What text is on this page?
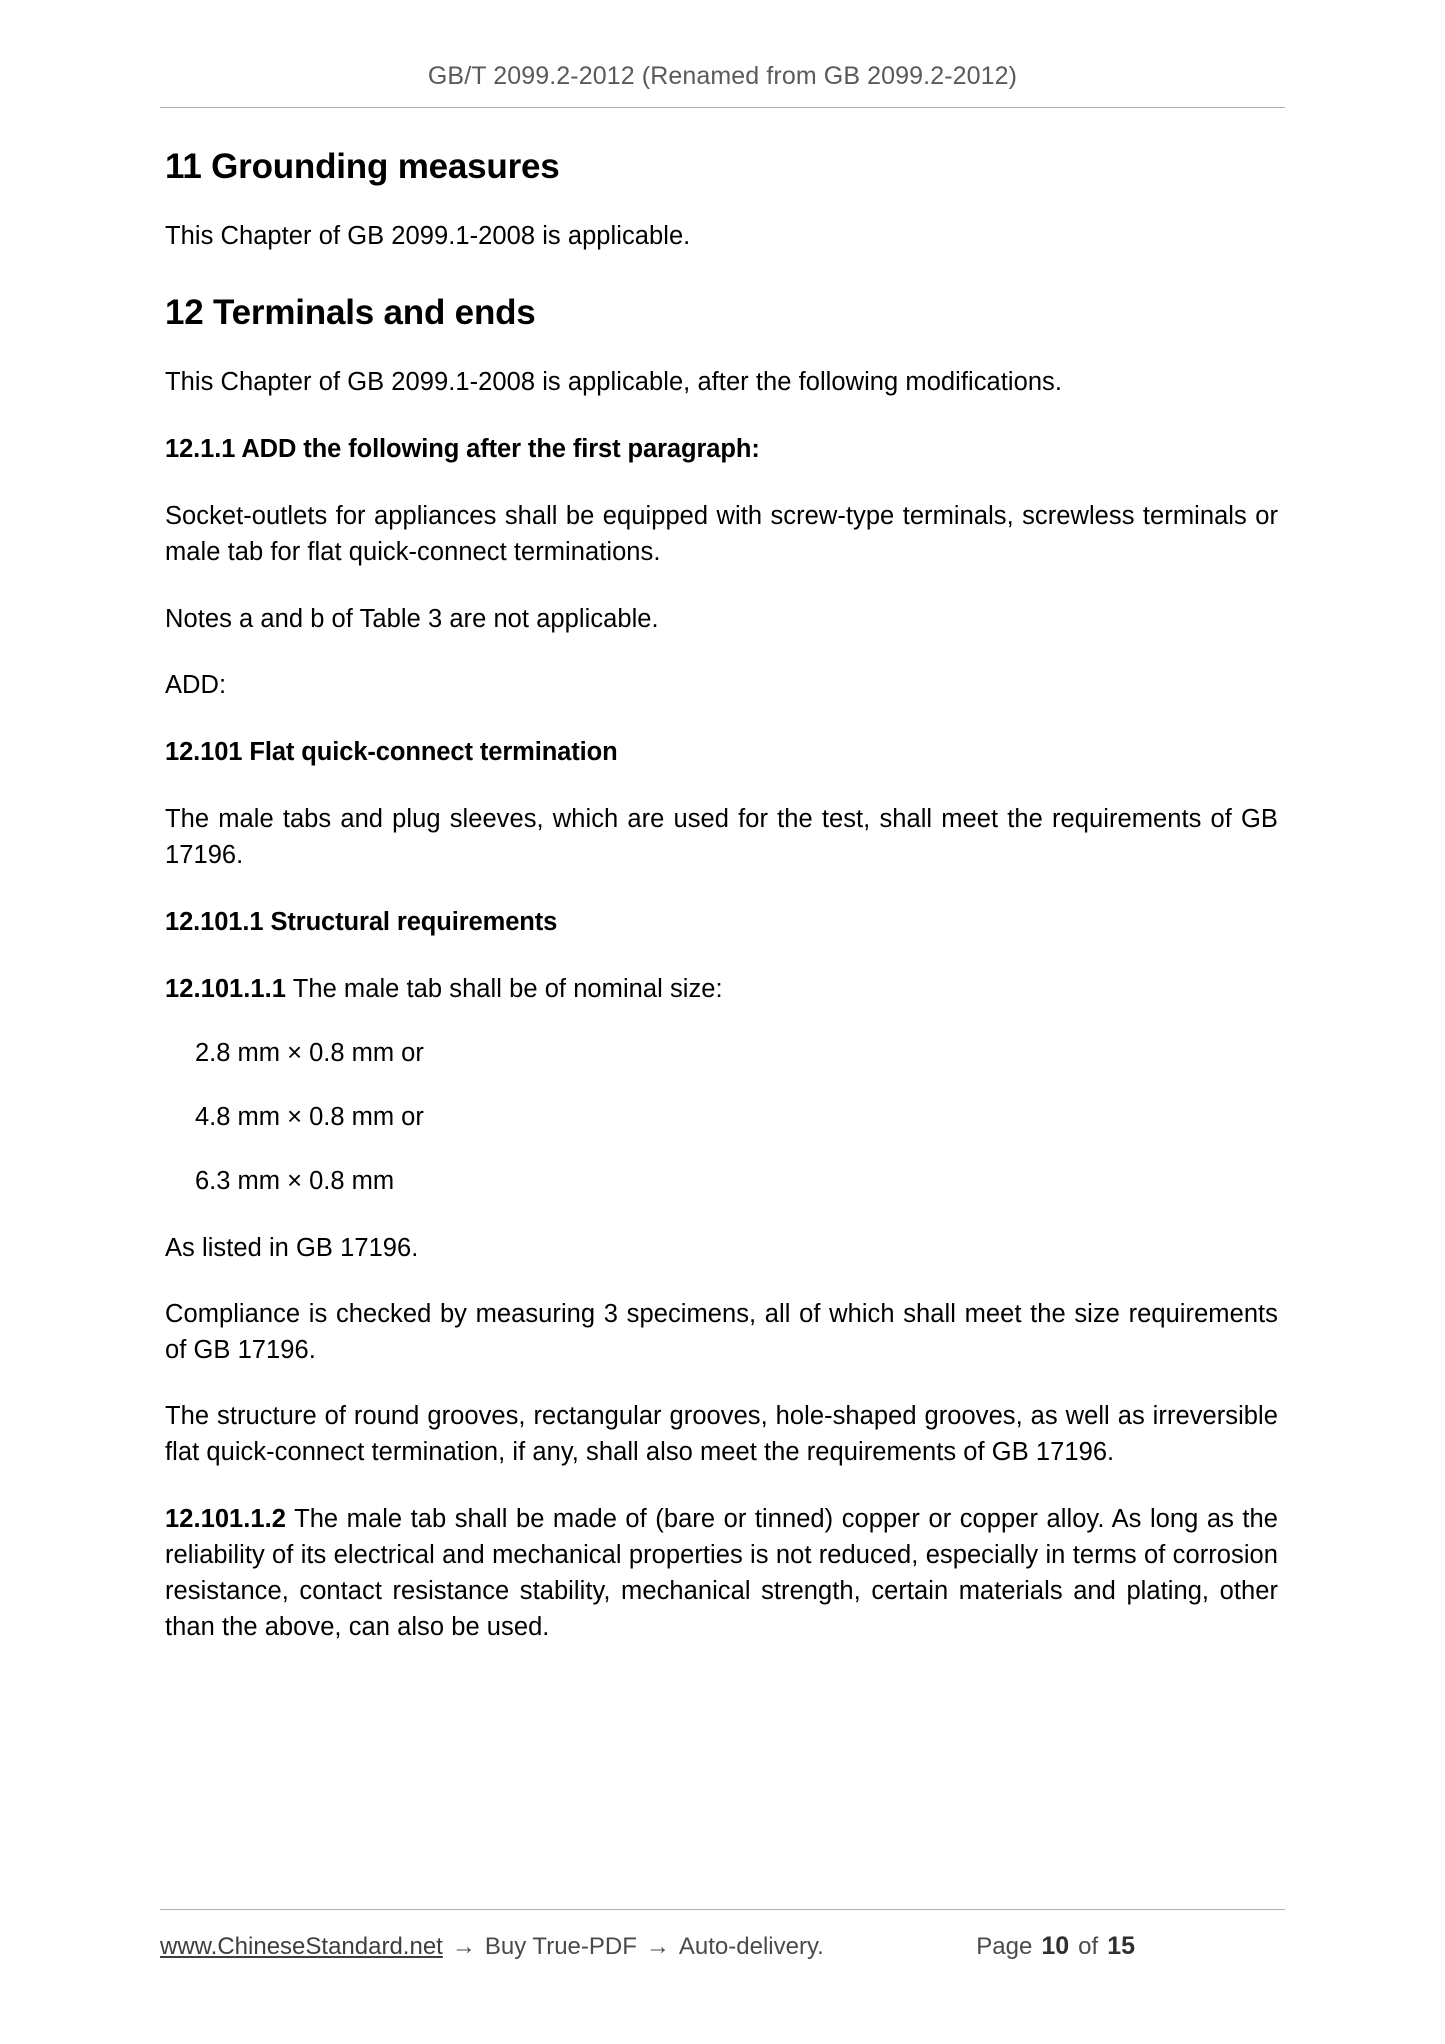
GB/T 2099.2-2012 (Renamed from GB 2099.2-2012)
11 Grounding measures

This Chapter of GB 2099.1-2008 is applicable.

12 Terminals and ends

This Chapter of GB 2099.1-2008 is applicable, after the following modifications.

12.1.1 ADD the following after the first paragraph:

Socket-outlets for appliances shall be equipped with screw-type terminals, screwless terminals or male tab for flat quick-connect terminations.

Notes a and b of Table 3 are not applicable.

ADD:

12.101 Flat quick-connect termination

The male tabs and plug sleeves, which are used for the test, shall meet the requirements of GB 17196.

12.101.1 Structural requirements

12.101.1.1 The male tab shall be of nominal size:

2.8 mm × 0.8 mm or

4.8 mm × 0.8 mm or

6.3 mm × 0.8 mm

As listed in GB 17196.

Compliance is checked by measuring 3 specimens, all of which shall meet the size requirements of GB 17196.

The structure of round grooves, rectangular grooves, hole-shaped grooves, as well as irreversible flat quick-connect termination, if any, shall also meet the requirements of GB 17196.

12.101.1.2 The male tab shall be made of (bare or tinned) copper or copper alloy. As long as the reliability of its electrical and mechanical properties is not reduced, especially in terms of corrosion resistance, contact resistance stability, mechanical strength, certain materials and plating, other than the above, can also be used.

www.ChineseStandard.net → Buy True-PDF → Auto-delivery.	Page 10 of 15
